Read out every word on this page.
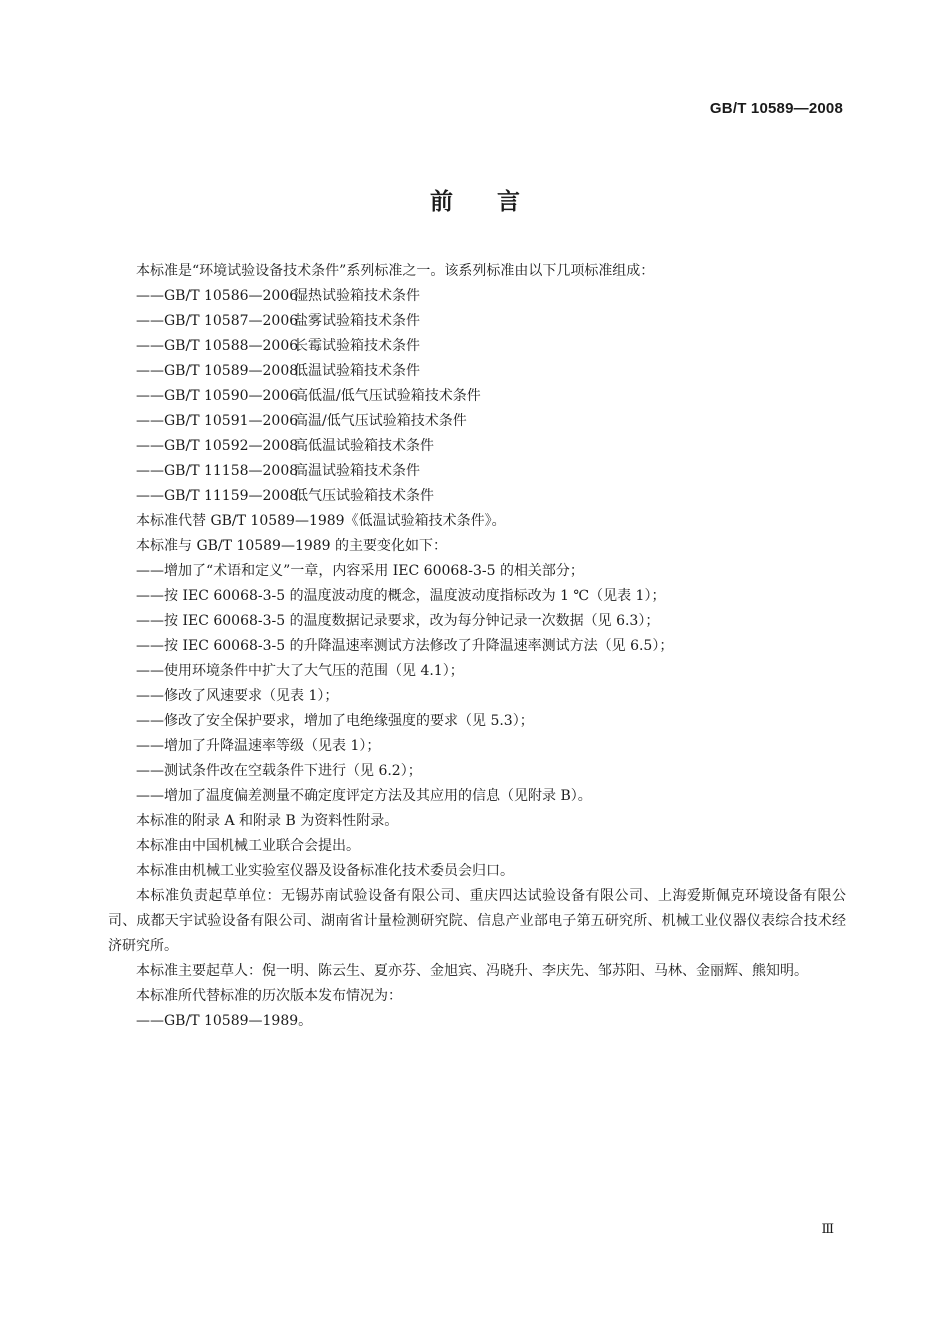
GB/T 10589—2008
前言
本标准是“环境试验设备技术条件”系列标准之一。该系列标准由以下几项标准组成：
——GB/T 10586—2006湿热试验箱技术条件
——GB/T 10587—2006盐雾试验箱技术条件
——GB/T 10588—2006长霉试验箱技术条件
——GB/T 10589—2008低温试验箱技术条件
——GB/T 10590—2006高低温/低气压试验箱技术条件
——GB/T 10591—2006高温/低气压试验箱技术条件
——GB/T 10592—2008高低温试验箱技术条件
——GB/T 11158—2008高温试验箱技术条件
——GB/T 11159—2008低气压试验箱技术条件
本标准代替 GB/T 10589—1989《低温试验箱技术条件》。
本标准与 GB/T 10589—1989 的主要变化如下：
——增加了“术语和定义”一章，内容采用 IEC 60068-3-5 的相关部分；
——按 IEC 60068-3-5 的温度波动度的概念，温度波动度指标改为 1 ℃（见表 1）；
——按 IEC 60068-3-5 的温度数据记录要求，改为每分钟记录一次数据（见 6.3）；
——按 IEC 60068-3-5 的升降温速率测试方法修改了升降温速率测试方法（见 6.5）；
——使用环境条件中扩大了大气压的范围（见 4.1）；
——修改了风速要求（见表 1）；
——修改了安全保护要求，增加了电绝缘强度的要求（见 5.3）；
——增加了升降温速率等级（见表 1）；
——测试条件改在空载条件下进行（见 6.2）；
——增加了温度偏差测量不确定度评定方法及其应用的信息（见附录 B）。
本标准的附录 A 和附录 B 为资料性附录。
本标准由中国机械工业联合会提出。
本标准由机械工业实验室仪器及设备标准化技术委员会归口。
本标准负责起草单位：无锡苏南试验设备有限公司、重庆四达试验设备有限公司、上海爱斯佩克环境设备有限公司、成都天宇试验设备有限公司、湖南省计量检测研究院、信息产业部电子第五研究所、机械工业仪器仪表综合技术经济研究所。
本标准主要起草人：倪一明、陈云生、夏亦芬、金旭宾、冯晓升、李庆先、邹苏阳、马林、金丽辉、熊知明。
本标准所代替标准的历次版本发布情况为：
——GB/T 10589—1989。
Ⅲ
